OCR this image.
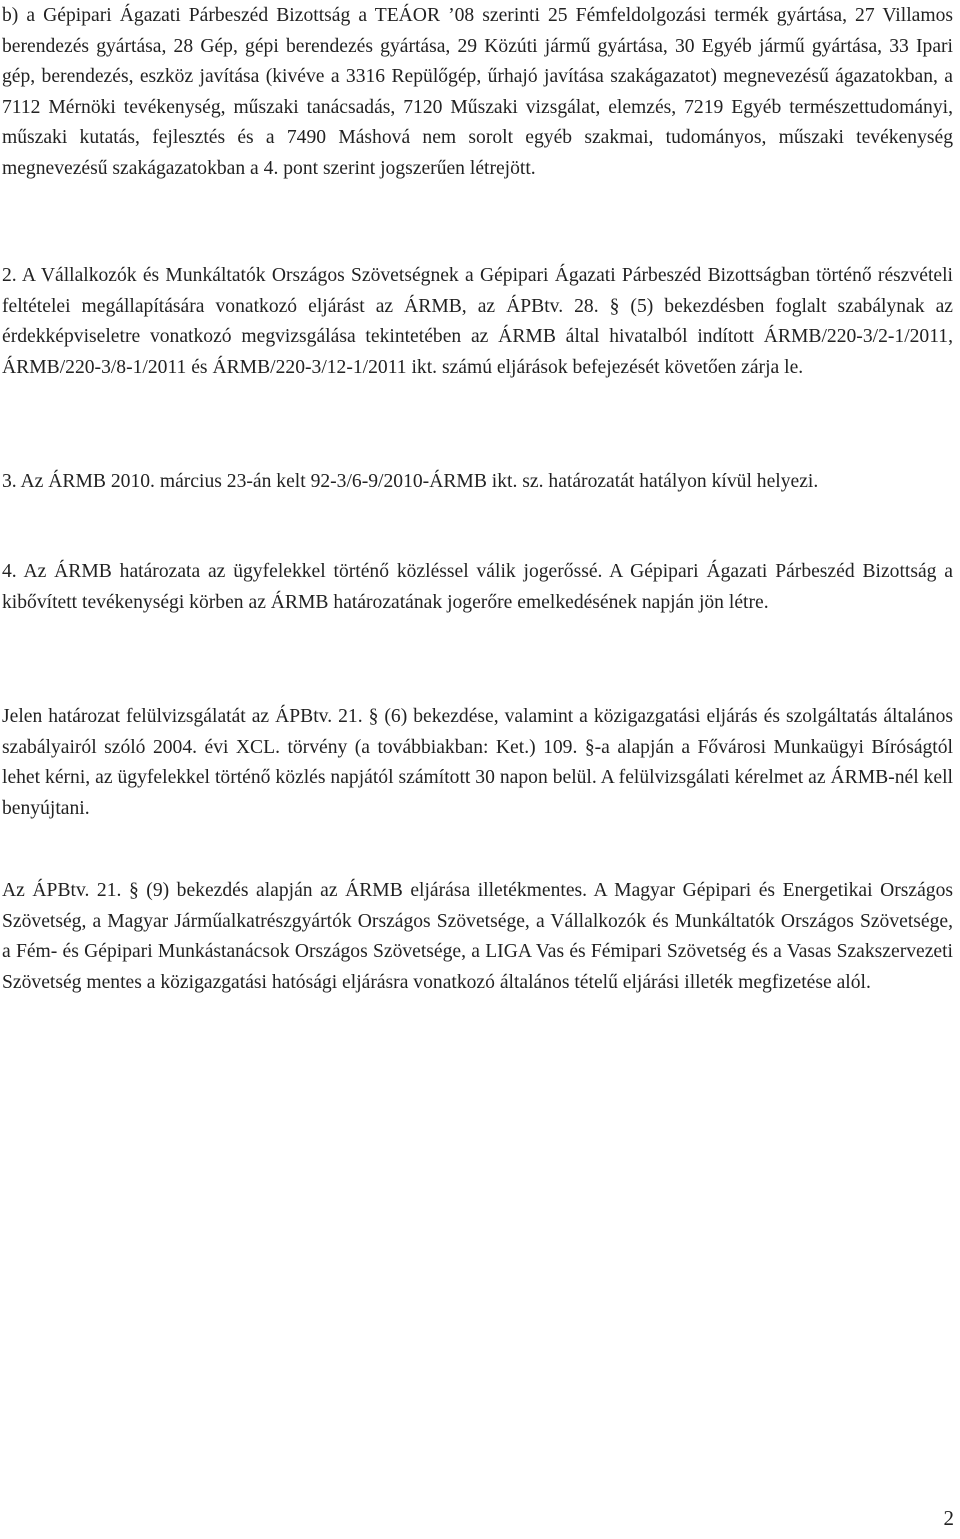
b) a Gépipari Ágazati Párbeszéd Bizottság a TEÁOR ’08 szerinti 25 Fémfeldolgozási termék gyártása, 27 Villamos berendezés gyártása, 28 Gép, gépi berendezés gyártása, 29 Közúti jármű gyártása, 30 Egyéb jármű gyártása, 33 Ipari gép, berendezés, eszköz javítása (kivéve a 3316 Repülőgép, űrhajó javítása szakágazatot) megnevezésű ágazatokban, a 7112 Mérnöki tevékenység, műszaki tanácsadás, 7120 Műszaki vizsgálat, elemzés, 7219 Egyéb természettudományi, műszaki kutatás, fejlesztés és a 7490 Máshová nem sorolt egyéb szakmai, tudományos, műszaki tevékenység megnevezésű szakágazatokban a 4. pont szerint jogszerűen létrejött.

2. A Vállalkozók és Munkáltatók Országos Szövetségnek a Gépipari Ágazati Párbeszéd Bizottságban történő részvételi feltételei megállapítására vonatkozó eljárást az ÁRMB, az ÁPBtv. 28. § (5) bekezdésben foglalt szabálynak az érdekképviseletre vonatkozó megvizsgálása tekintetében az ÁRMB által hivatalból indított ÁRMB/220-3/2-1/2011, ÁRMB/220-3/8-1/2011 és ÁRMB/220-3/12-1/2011 ikt. számú eljárások befejezését követően zárja le.

3. Az ÁRMB 2010. március 23-án kelt 92-3/6-9/2010-ÁRMB ikt. sz. határozatát hatályon kívül helyezi.

4. Az ÁRMB határozata az ügyfelekkel történő közléssel válik jogerőssé. A Gépipari Ágazati Párbeszéd Bizottság a kibővített tevékenységi körben az ÁRMB határozatának jogerőre emelkedésének napján jön létre.

Jelen határozat felülvizsgálatát az ÁPBtv. 21. § (6) bekezdése, valamint a közigazgatási eljárás és szolgáltatás általános szabályairól szóló 2004. évi XCL. törvény (a továbbiakban: Ket.) 109. §-a alapján a Fővárosi Munkaügyi Bíróságtól lehet kérni, az ügyfelekkel történő közlés napjától számított 30 napon belül. A felülvizsgálati kérelmet az ÁRMB-nél kell benyújtani.

Az ÁPBtv. 21. § (9) bekezdés alapján az ÁRMB eljárása illetékmentes. A Magyar Gépipari és Energetikai Országos Szövetség, a Magyar Járműalkatrészgyártók Országos Szövetsége, a Vállalkozók és Munkáltatók Országos Szövetsége, a Fém- és Gépipari Munkástanácsok Országos Szövetsége, a LIGA Vas és Fémipari Szövetség és a Vasas Szakszervezeti Szövetség mentes a közigazgatási hatósági eljárásra vonatkozó általános tételű eljárási illeték megfizetése alól.

2
